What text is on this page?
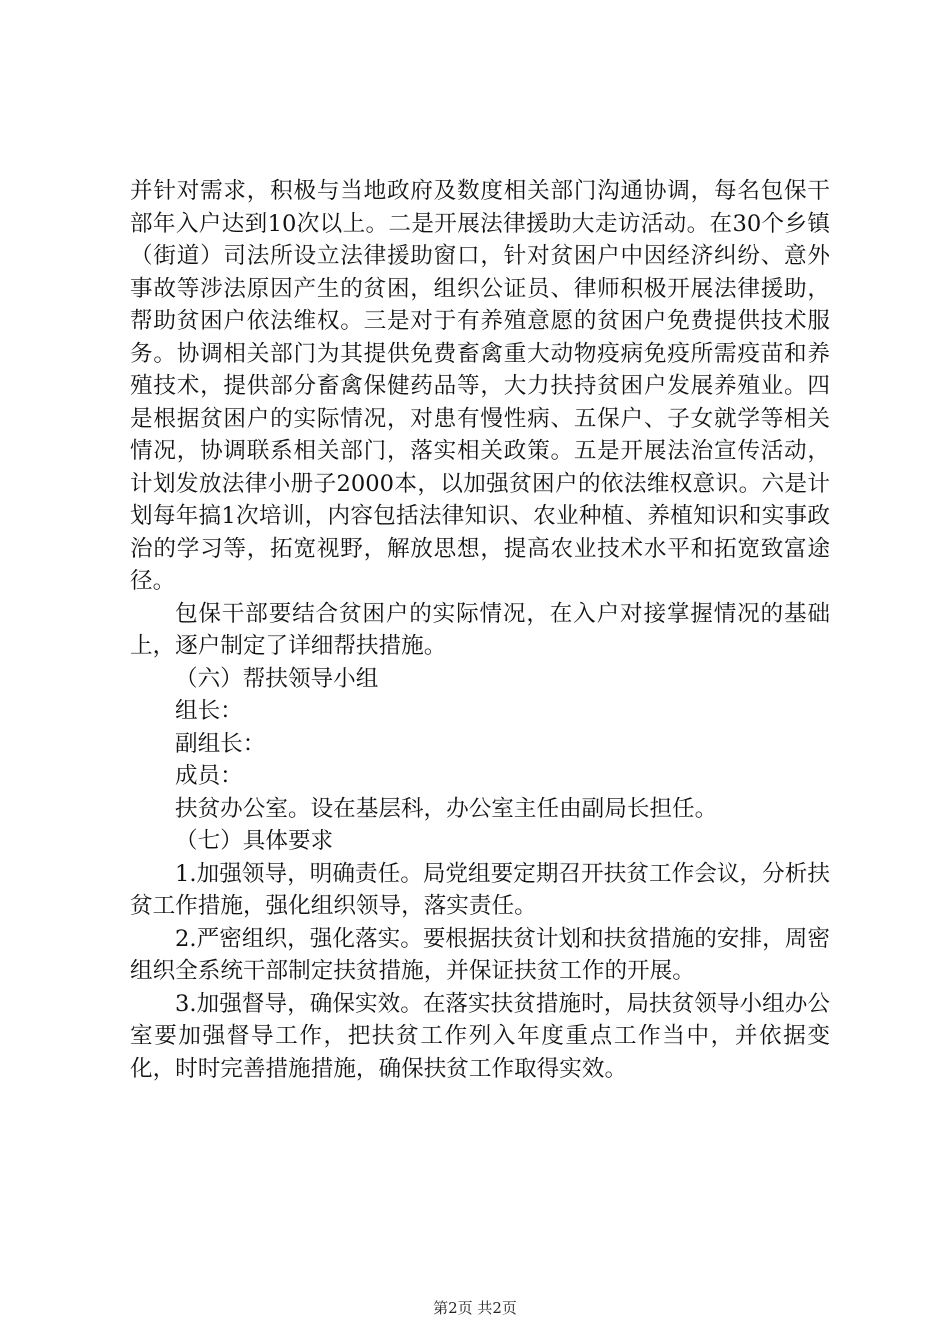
并针对需求，积极与当地政府及数度相关部门沟通协调，每名包保干部年入户达到10次以上。二是开展法律援助大走访活动。在30个乡镇（街道）司法所设立法律援助窗口，针对贫困户中因经济纠纷、意外事故等涉法原因产生的贫困，组织公证员、律师积极开展法律援助，帮助贫困户依法维权。三是对于有养殖意愿的贫困户免费提供技术服务。协调相关部门为其提供免费畜禽重大动物疫病免疫所需疫苗和养殖技术，提供部分畜禽保健药品等，大力扶持贫困户发展养殖业。四是根据贫困户的实际情况，对患有慢性病、五保户、子女就学等相关情况，协调联系相关部门，落实相关政策。五是开展法治宣传活动，计划发放法律小册子2000本，以加强贫困户的依法维权意识。六是计划每年搞1次培训，内容包括法律知识、农业种植、养植知识和实事政治的学习等，拓宽视野，解放思想，提高农业技术水平和拓宽致富途径。

包保干部要结合贫困户的实际情况，在入户对接掌握情况的基础上，逐户制定了详细帮扶措施。

（六）帮扶领导小组

组长：

副组长：

成员：

扶贫办公室。设在基层科，办公室主任由副局长担任。

（七）具体要求

1.加强领导，明确责任。局党组要定期召开扶贫工作会议，分析扶贫工作措施，强化组织领导，落实责任。

2.严密组织，强化落实。要根据扶贫计划和扶贫措施的安排，周密组织全系统干部制定扶贫措施，并保证扶贫工作的开展。

3.加强督导，确保实效。在落实扶贫措施时，局扶贫领导小组办公室要加强督导工作，把扶贫工作列入年度重点工作当中，并依据变化，时时完善措施措施，确保扶贫工作取得实效。

第2页 共2页
